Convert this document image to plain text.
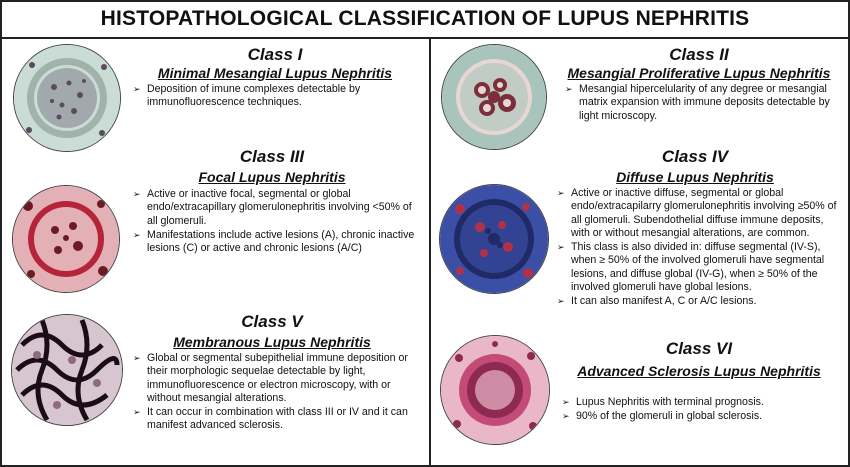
HISTOPATHOLOGICAL CLASSIFICATION OF LUPUS NEPHRITIS
Class I
Minimal Mesangial Lupus Nephritis
➢ Deposition of imune complexes detectable by immunofluorescence techniques.
Class II
Mesangial Proliferative Lupus Nephritis
➢ Mesangial hipercelularity of any degree or mesangial matrix expansion with immune deposits detectable by light microscopy.
Class III
Focal Lupus Nephritis
➢ Active or inactive focal, segmental or global endo/extracapillary glomerulonephritis involving <50% of all glomeruli.
➢ Manifestations include active lesions (A), chronic inactive lesions (C) or active and chronic lesions (A/C)
Class IV
Diffuse Lupus Nephritis
➢ Active or inactive diffuse, segmental or global endo/extracapilarry glomerulonephritis involving ≥50% of all glomeruli. Subendothelial diffuse immune deposits, with or without mesangial alterations, are common.
➢ This class is also divided in: diffuse segmental (IV-S), when ≥ 50% of the involved glomeruli have segmental lesions, and diffuse global (IV-G), when ≥ 50% of the involved glomeruli have global lesions.
➢ It can also manifest A, C or A/C lesions.
Class V
Membranous Lupus Nephritis
➢ Global or segmental subepithelial immune deposition or their morphologic sequelae detectable by light, immunofluorescence or electron microscopy, with or without mesangial alterations.
➢ It can occur in combination with class III or IV and it can manifest advanced sclerosis.
Class VI
Advanced Sclerosis Lupus Nephritis
➢ Lupus Nephritis with terminal prognosis.
➢ 90% of the glomeruli in global sclerosis.
